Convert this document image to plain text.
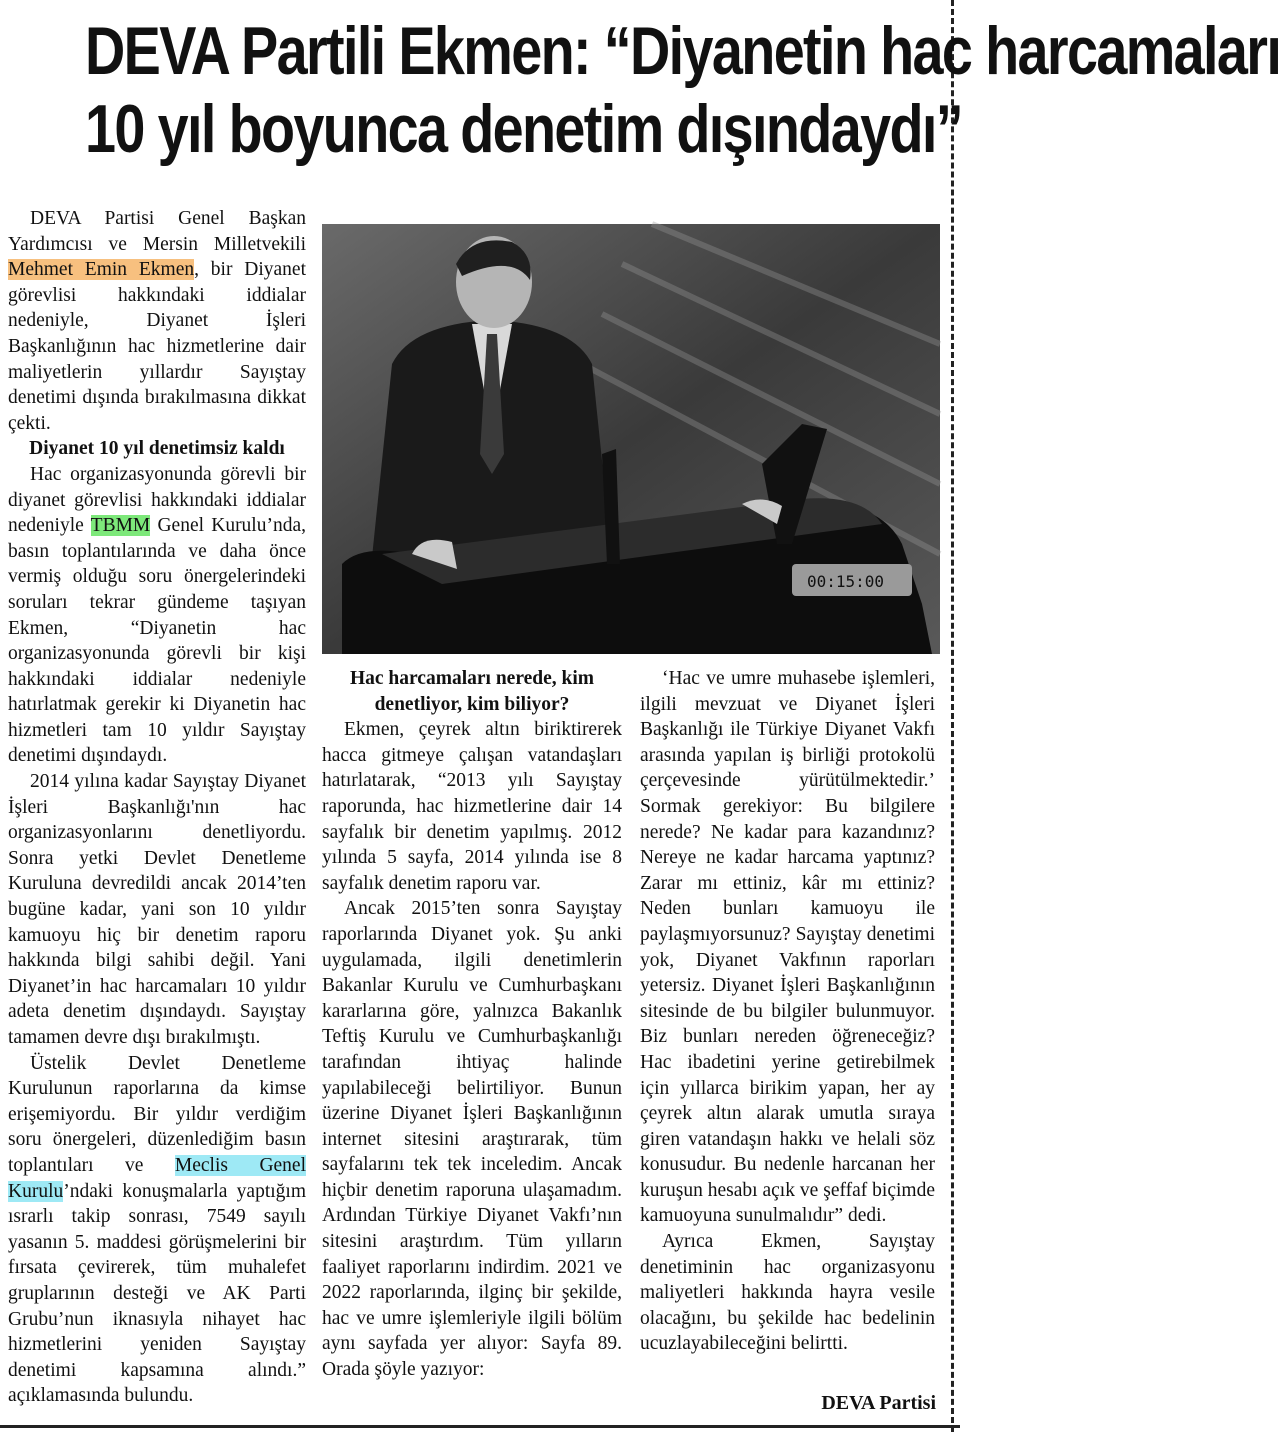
DEVA Partili Ekmen: “Diyanetin hac harcamaları
10 yıl boyunca denetim dışındaydı”

DEVA Partisi Genel Başkan Yardımcısı ve Mersin Milletvekili Mehmet Emin Ekmen, bir Diyanet görevlisi hakkındaki iddialar nedeniyle, Diyanet İşleri Başkanlığının hac hizmetlerine dair maliyetlerin yıllardır Sayıştay denetimi dışında bırakılmasına dikkat çekti.

Diyanet 10 yıl denetimsiz kaldı

Hac organizasyonunda görevli bir diyanet görevlisi hakkındaki iddialar nedeniyle TBMM Genel Kurulu’nda, basın toplantılarında ve daha önce vermiş olduğu soru önergelerindeki soruları tekrar gündeme taşıyan Ekmen, “Diyanetin hac organizasyonunda görevli bir kişi hakkındaki iddialar nedeniyle hatırlatmak gerekir ki Diyanetin hac hizmetleri tam 10 yıldır Sayıştay denetimi dışındaydı.

2014 yılına kadar Sayıştay Diyanet İşleri Başkanlığı'nın hac organizasyonlarını denetliyordu. Sonra yetki Devlet Denetleme Kuruluna devredildi ancak 2014’ten bugüne kadar, yani son 10 yıldır kamuoyu hiç bir denetim raporu hakkında bilgi sahibi değil. Yani Diyanet’in hac harcamaları 10 yıldır adeta denetim dışındaydı. Sayıştay tamamen devre dışı bırakılmıştı.

Üstelik Devlet Denetleme Kurulunun raporlarına da kimse erişemiyordu. Bir yıldır verdiğim soru önergeleri, düzenlediğim basın toplantıları ve Meclis Genel Kurulu’ndaki konuşmalarla yaptığım ısrarlı takip sonrası, 7549 sayılı yasanın 5. maddesi görüşmelerini bir fırsata çevirerek, tüm muhalefet gruplarının desteği ve AK Parti Grubu’nun iknasıyla nihayet hac hizmetlerini yeniden Sayıştay denetimi kapsamına alındı.” açıklamasında bulundu.

00:15:00

Hac harcamaları nerede, kim denetliyor, kim biliyor?

Ekmen, çeyrek altın biriktirerek hacca gitmeye çalışan vatandaşları hatırlatarak, “2013 yılı Sayıştay raporunda, hac hizmetlerine dair 14 sayfalık bir denetim yapılmış. 2012 yılında 5 sayfa, 2014 yılında ise 8 sayfalık denetim raporu var.

Ancak 2015’ten sonra Sayıştay raporlarında Diyanet yok. Şu anki uygulamada, ilgili denetimlerin Bakanlar Kurulu ve Cumhurbaşkanı kararlarına göre, yalnızca Bakanlık Teftiş Kurulu ve Cumhurbaşkanlığı tarafından ihtiyaç halinde yapılabileceği belirtiliyor. Bunun üzerine Diyanet İşleri Başkanlığının internet sitesini araştırarak, tüm sayfalarını tek tek inceledim. Ancak hiçbir denetim raporuna ulaşamadım. Ardından Türkiye Diyanet Vakfı’nın sitesini araştırdım. Tüm yılların faaliyet raporlarını indirdim. 2021 ve 2022 raporlarında, ilginç bir şekilde, hac ve umre işlemleriyle ilgili bölüm aynı sayfada yer alıyor: Sayfa 89. Orada şöyle yazıyor:

‘Hac ve umre muhasebe işlemleri, ilgili mevzuat ve Diyanet İşleri Başkanlığı ile Türkiye Diyanet Vakfı arasında yapılan iş birliği protokolü çerçevesinde yürütülmektedir.’ Sormak gerekiyor: Bu bilgilere nerede? Ne kadar para kazandınız? Nereye ne kadar harcama yaptınız? Zarar mı ettiniz, kâr mı ettiniz? Neden bunları kamuoyu ile paylaşmıyorsunuz? Sayıştay denetimi yok, Diyanet Vakfının raporları yetersiz. Diyanet İşleri Başkanlığının sitesinde de bu bilgiler bulunmuyor. Biz bunları nereden öğreneceğiz? Hac ibadetini yerine getirebilmek için yıllarca birikim yapan, her ay çeyrek altın alarak umutla sıraya giren vatandaşın hakkı ve helali söz konusudur. Bu nedenle harcanan her kuruşun hesabı açık ve şeffaf biçimde kamuoyuna sunulmalıdır” dedi.

Ayrıca Ekmen, Sayıştay denetiminin hac organizasyonu maliyetleri hakkında hayra vesile olacağını, bu şekilde hac bedelinin ucuzlayabileceğini belirtti.

DEVA Partisi
